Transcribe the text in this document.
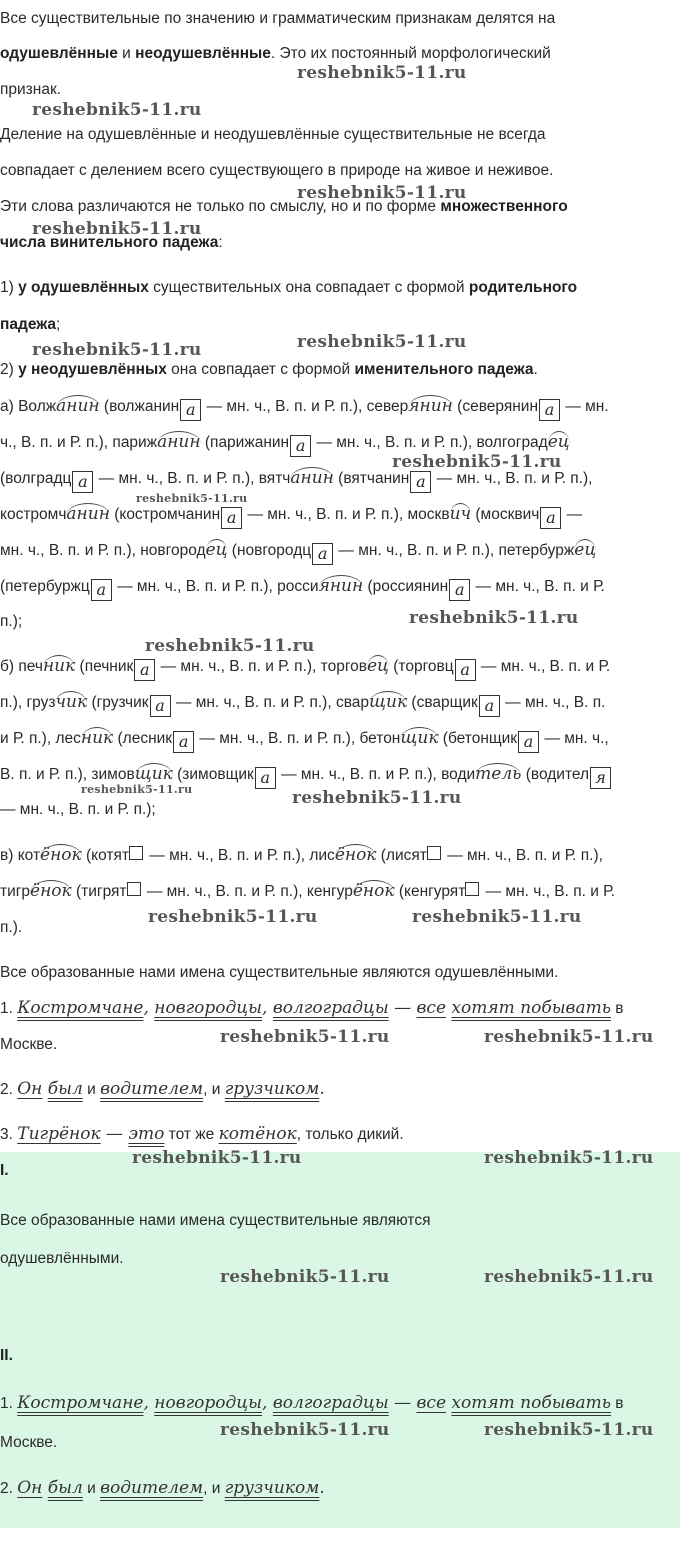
Все существительные по значению и грамматическим признакам делятся на
одушевлённые и неодушевлённые. Это их постоянный морфологический
признак.
Деление на одушевлённые и неодушевлённые существительные не всегда
совпадает с делением всего существующего в природе на живое и неживое.
Эти слова различаются не только по смыслу, но и по форме множественного
числа винительного падежа:
1) у одушевлённых существительных она совпадает с формой родительного
падежа;
2) у неодушевлённых она совпадает с формой именительного падежа.
а) Волжанин (волжанин а — мн. ч., В. п. и Р. п.), северянин (северянин а — мн.
ч., В. п. и Р. п.), парижанин (парижанин а — мн. ч., В. п. и Р. п.), волгоградец
(волградц а — мн. ч., В. п. и Р. п.), вятчанин (вятчанин а — мн. ч., В. п. и Р. п.),
костромчанин (костромчанин а — мн. ч., В. п. и Р. п.), москвич (москвич а —
мн. ч., В. п. и Р. п.), новгородец (новгородц а — мн. ч., В. п. и Р. п.), петербуржец
(петербуржц а — мн. ч., В. п. и Р. п.), россиянин (россиянин а — мн. ч., В. п. и Р.
п.);
б) печник (печник а — мн. ч., В. п. и Р. п.), торговец (торговц а — мн. ч., В. п. и Р.
п.), грузчик (грузчик а — мн. ч., В. п. и Р. п.), сварщик (сварщик а — мн. ч., В. п.
и Р. п.), лесник (лесник а — мн. ч., В. п. и Р. п.), бетонщик (бетонщик а — мн. ч.,
В. п. и Р. п.), зимовщик (зимовщик а — мн. ч., В. п. и Р. п.), водитель (водител я
— мн. ч., В. п. и Р. п.);
в) котёнок (котят — мн. ч., В. п. и Р. п.), лисёнок (лисят — мн. ч., В. п. и Р. п.),
тигрёнок (тигрят — мн. ч., В. п. и Р. п.), кенгурёнок (кенгурят — мн. ч., В. п. и Р.
п.).
Все образованные нами имена существительные являются одушевлёнными.
1. Костромчане, новгородцы, волгоградцы — все хотят побывать в
Москве.
2. Он был и водителем, и грузчиком.
3. Тигрёнок — это тот же котёнок, только дикий.
I.
Все образованные нами имена существительные являются
одушевлёнными.
II.
1. Костромчане, новгородцы, волгоградцы — все хотят побывать в
Москве.
2. Он был и водителем, и грузчиком.
reshebnik5-11.ru
reshebnik5-11.ru
reshebnik5-11.ru
reshebnik5-11.ru
reshebnik5-11.ru
reshebnik5-11.ru
reshebnik5-11.ru
reshebnik5-11.ru
reshebnik5-11.ru
reshebnik5-11.ru
reshebnik5-11.ru	reshebnik5-11.ru
reshebnik5-11.ru	reshebnik5-11.ru
reshebnik5-11.ru	reshebnik5-11.ru
reshebnik5-11.ru	reshebnik5-11.ru
reshebnik5-11.ru	reshebnik5-11.ru
reshebnik5-11.ru	reshebnik5-11.ru
